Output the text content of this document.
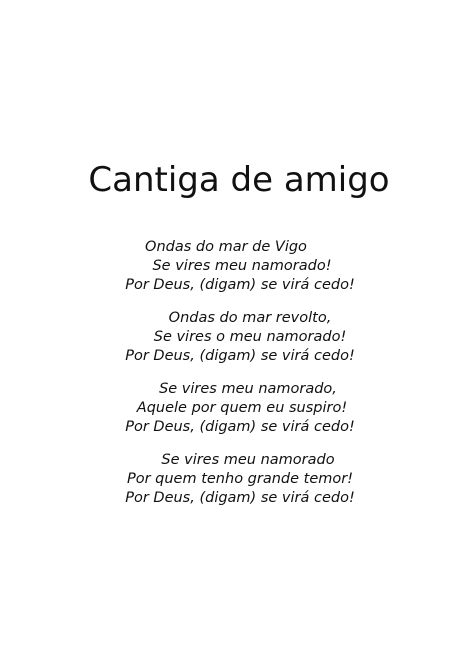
Cantiga de amigo
Ondas do mar de Vigo
Se vires meu namorado!
Por Deus, (digam) se virá cedo!
Ondas do mar revolto,
Se vires o meu namorado!
Por Deus, (digam) se virá cedo!
Se vires meu namorado,
Aquele por quem eu suspiro!
Por Deus, (digam) se virá cedo!
Se vires meu namorado
Por quem tenho grande temor!
Por Deus, (digam) se virá cedo!
